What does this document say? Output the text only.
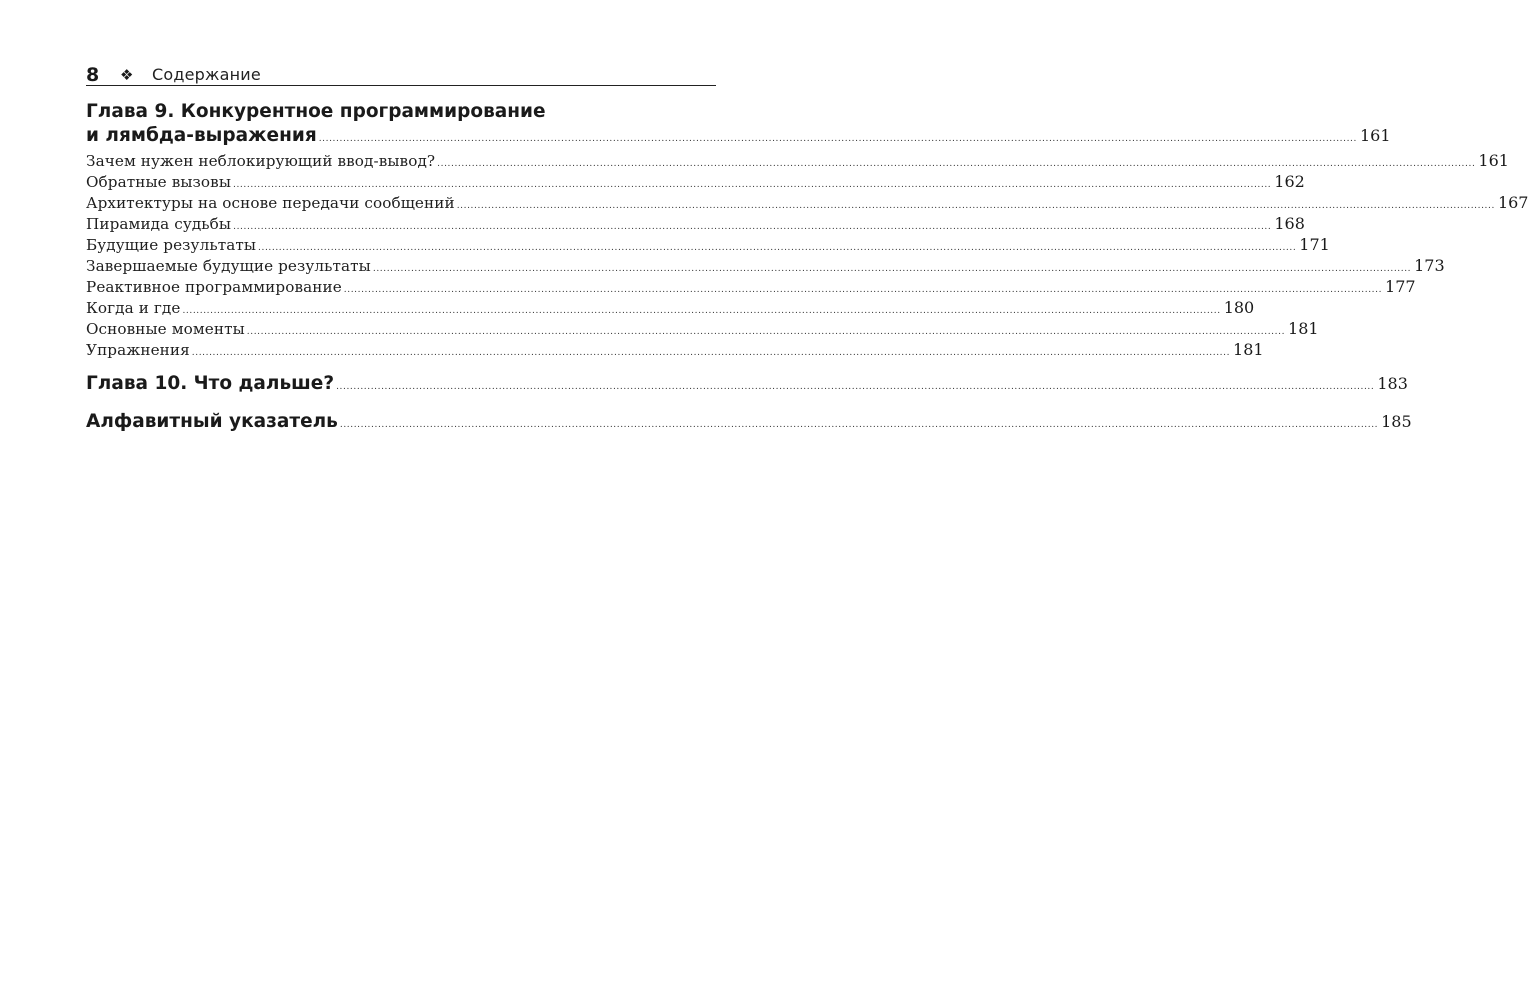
8	❖	Содержание
Глава 9. Конкурентное программирование
и лямбда-выражения ............................................................................................................................................................................................................................................................................................................ 161
Зачем нужен неблокирующий ввод-вывод? ............................................................................................................................................................................................................................................................................................................ 161
Обратные вызовы ............................................................................................................................................................................................................................................................................................................ 162
Архитектуры на основе передачи сообщений ............................................................................................................................................................................................................................................................................................................ 167
Пирамида судьбы ............................................................................................................................................................................................................................................................................................................ 168
Будущие результаты ............................................................................................................................................................................................................................................................................................................ 171
Завершаемые будущие результаты ............................................................................................................................................................................................................................................................................................................ 173
Реактивное программирование ............................................................................................................................................................................................................................................................................................................ 177
Когда и где ............................................................................................................................................................................................................................................................................................................ 180
Основные моменты ............................................................................................................................................................................................................................................................................................................ 181
Упражнения ............................................................................................................................................................................................................................................................................................................ 181
Глава 10. Что дальше? ............................................................................................................................................................................................................................................................................................................ 183
Алфавитный указатель ............................................................................................................................................................................................................................................................................................................ 185
